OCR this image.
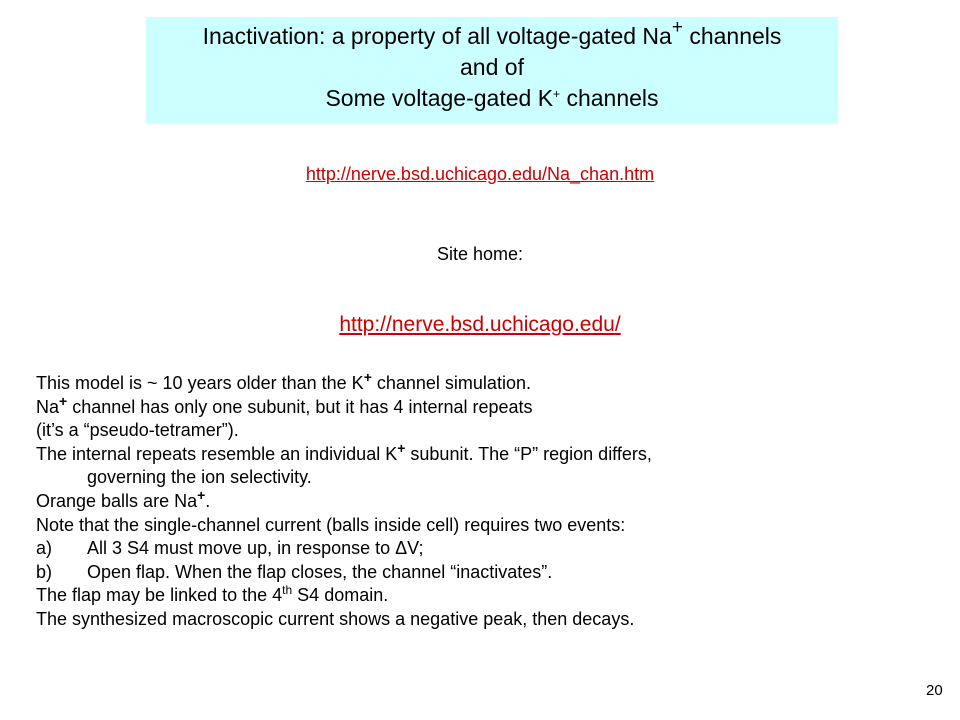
Inactivation: a property of all voltage-gated Na+ channels
and of
Some voltage-gated K+ channels
http://nerve.bsd.uchicago.edu/Na_chan.htm
Site home:
http://nerve.bsd.uchicago.edu/
This model is ~ 10 years older than the K+ channel simulation.
Na+ channel has only one subunit, but it has 4 internal repeats
(it’s a “pseudo-tetramer”).
The internal repeats resemble an individual K+ subunit. The “P” region differs,
governing the ion selectivity.
Orange balls are Na+.
Note that the single-channel current (balls inside cell) requires two events:
a) All 3 S4 must move up, in response to ΔV;
b) Open flap. When the flap closes, the channel “inactivates”.
The flap may be linked to the 4th S4 domain.
The synthesized macroscopic current shows a negative peak, then decays.
20
